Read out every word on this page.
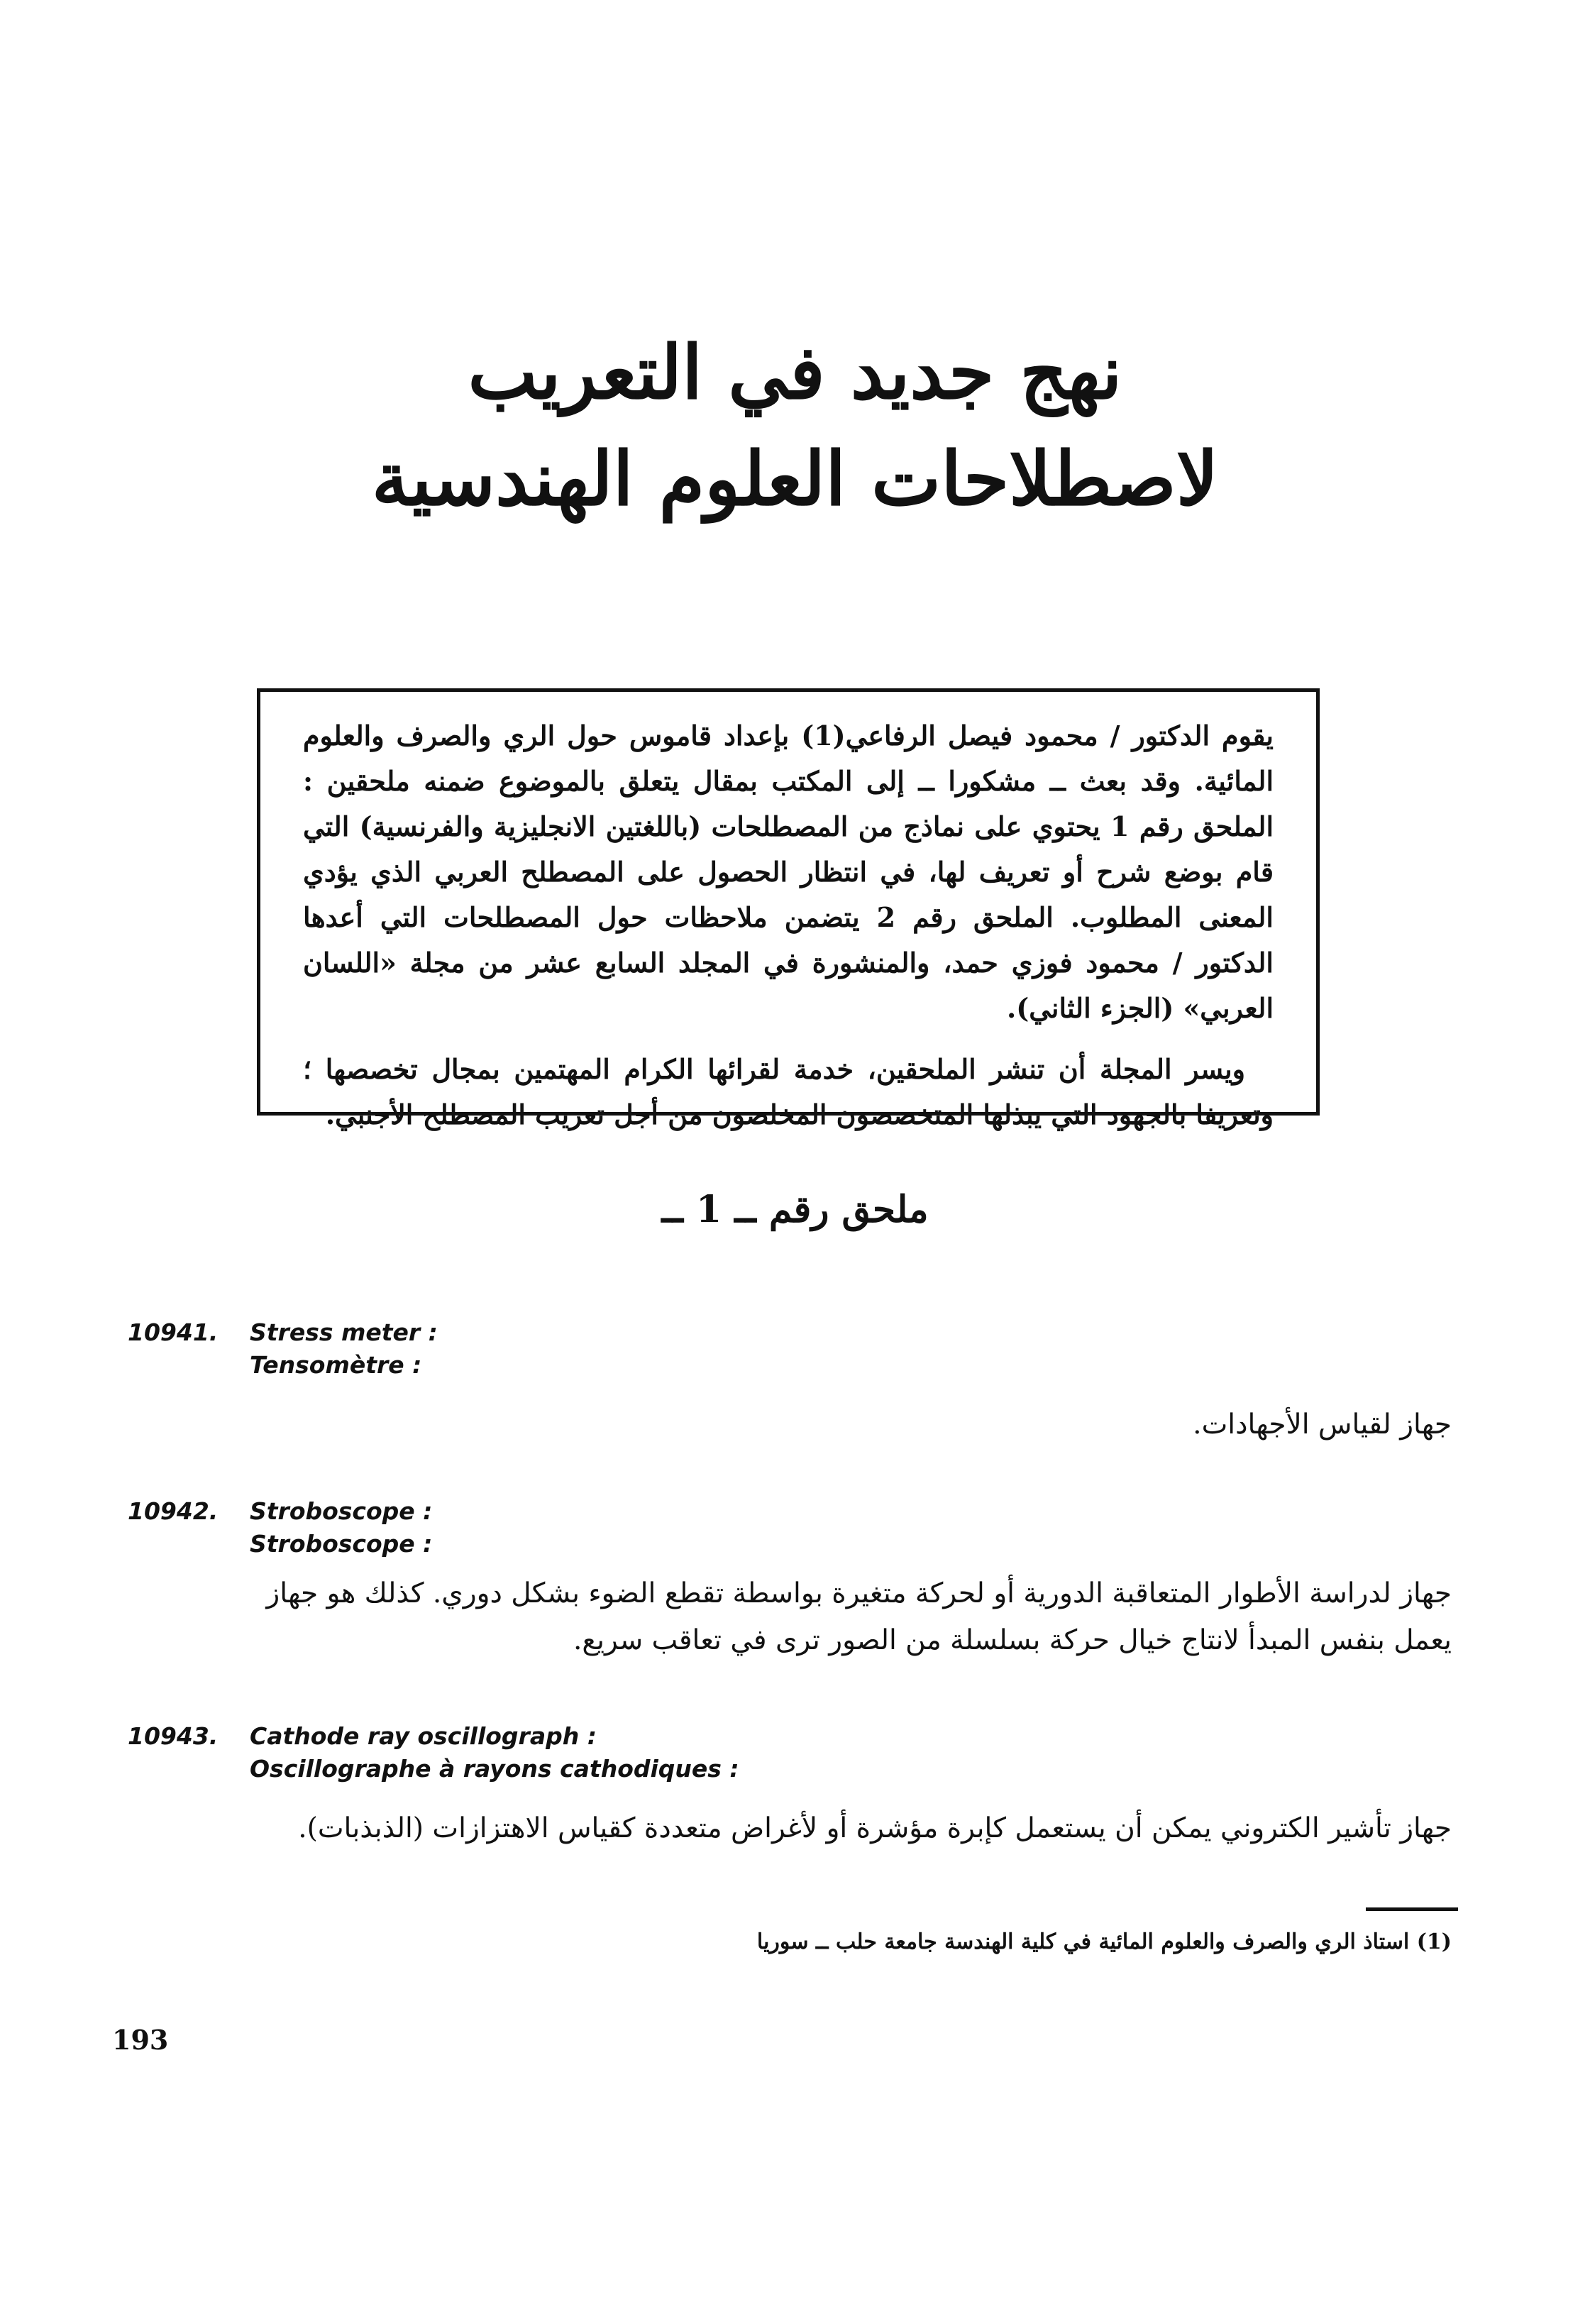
نهج جديد في التعريب

لاصطلاحات العلوم الهندسية

يقوم الدكتور / محمود فيصل الرفاعي(1) بإعداد قاموس حول الري والصرف والعلوم المائية. وقد بعث ــ مشكورا ــ إلى المكتب بمقال يتعلق بالموضوع ضمنه ملحقين : الملحق رقم 1 يحتوي على نماذج من المصطلحات (باللغتين الانجليزية والفرنسية) التي قام بوضع شرح أو تعريف لها، في انتظار الحصول على المصطلح العربي الذي يؤدي المعنى المطلوب. الملحق رقم 2 يتضمن ملاحظات حول المصطلحات التي أعدها الدكتور / محمود فوزي حمد، والمنشورة في المجلد السابع عشر من مجلة «اللسان العربي» (الجزء الثاني).

ويسر المجلة أن تنشر الملحقين، خدمة لقرائها الكرام المهتمين بمجال تخصصها ؛ وتعريفا بالجهود التي يبذلها المتخصصون المخلصون من أجل تعريب المصطلح الأجنبي.

ملحق رقم ــ 1 ــ
10941. Stress meter :
Tensomètre :
جهاز لقياس الأجهادات.
10942. Stroboscope :
Stroboscope :
جهاز لدراسة الأطوار المتعاقبة الدورية أو لحركة متغيرة بواسطة تقطع الضوء بشكل دوري. كذلك هو جهاز يعمل بنفس المبدأ لانتاج خيال حركة بسلسلة من الصور ترى في تعاقب سريع.
10943. Cathode ray oscillograph :
Oscillographe à rayons cathodiques :
جهاز تأشير الكتروني يمكن أن يستعمل كإبرة مؤشرة أو لأغراض متعددة كقياس الاهتزازات (الذبذبات).
(1) استاذ الري والصرف والعلوم المائية في كلية الهندسة جامعة حلب ــ سوريا
193
